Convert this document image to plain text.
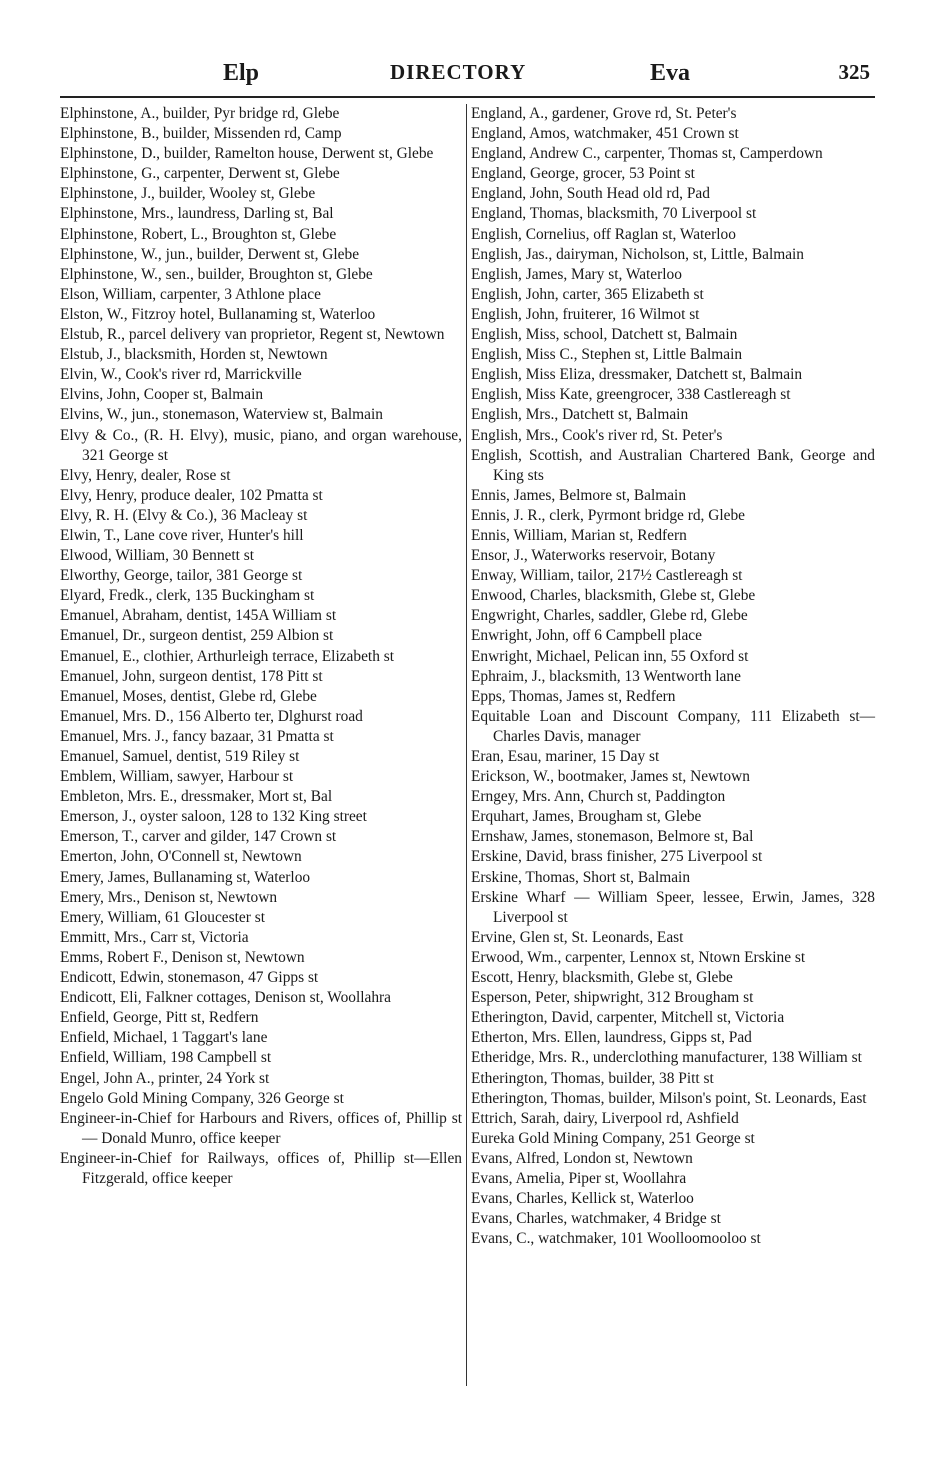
Elp	DIRECTORY	Eva	325
Elphinstone, A., builder, Pyr bridge rd, Glebe
Elphinstone, B., builder, Missenden rd, Camp
Elphinstone, D., builder, Ramelton house, Derwent st, Glebe
Elphinstone, G., carpenter, Derwent st, Glebe
Elphinstone, J., builder, Wooley st, Glebe
Elphinstone, Mrs., laundress, Darling st, Bal
Elphinstone, Robert, L., Broughton st, Glebe
Elphinstone, W., jun., builder, Derwent st, Glebe
Elphinstone, W., sen., builder, Broughton st, Glebe
Elson, William, carpenter, 3 Athlone place
Elston, W., Fitzroy hotel, Bullanaming st, Waterloo
Elstub, R., parcel delivery van proprietor, Regent st, Newtown
Elstub, J., blacksmith, Horden st, Newtown
Elvin, W., Cook's river rd, Marrickville
Elvins, John, Cooper st, Balmain
Elvins, W., jun., stonemason, Waterview st, Balmain
Elvy & Co., (R. H. Elvy), music, piano, and organ warehouse, 321 George st
Elvy, Henry, dealer, Rose st
Elvy, Henry, produce dealer, 102 Pmatta st
Elvy, R. H. (Elvy & Co.), 36 Macleay st
Elwin, T., Lane cove river, Hunter's hill
Elwood, William, 30 Bennett st
Elworthy, George, tailor, 381 George st
Elyard, Fredk., clerk, 135 Buckingham st
Emanuel, Abraham, dentist, 145A William st
Emanuel, Dr., surgeon dentist, 259 Albion st
Emanuel, E., clothier, Arthurleigh terrace, Elizabeth st
Emanuel, John, surgeon dentist, 178 Pitt st
Emanuel, Moses, dentist, Glebe rd, Glebe
Emanuel, Mrs. D., 156 Alberto ter, Dlghurst road
Emanuel, Mrs. J., fancy bazaar, 31 Pmatta st
Emanuel, Samuel, dentist, 519 Riley st
Emblem, William, sawyer, Harbour st
Embleton, Mrs. E., dressmaker, Mort st, Bal
Emerson, J., oyster saloon, 128 to 132 King street
Emerson, T., carver and gilder, 147 Crown st
Emerton, John, O'Connell st, Newtown
Emery, James, Bullanaming st, Waterloo
Emery, Mrs., Denison st, Newtown
Emery, William, 61 Gloucester st
Emmitt, Mrs., Carr st, Victoria
Emms, Robert F., Denison st, Newtown
Endicott, Edwin, stonemason, 47 Gipps st
Endicott, Eli, Falkner cottages, Denison st, Woollahra
Enfield, George, Pitt st, Redfern
Enfield, Michael, 1 Taggart's lane
Enfield, William, 198 Campbell st
Engel, John A., printer, 24 York st
Engelo Gold Mining Company, 326 George st
Engineer-in-Chief for Harbours and Rivers, offices of, Phillip st — Donald Munro, office keeper
Engineer-in-Chief for Railways, offices of, Phillip st—Ellen Fitzgerald, office keeper
England, A., gardener, Grove rd, St. Peter's
England, Amos, watchmaker, 451 Crown st
England, Andrew C., carpenter, Thomas st, Camperdown
England, George, grocer, 53 Point st
England, John, South Head old rd, Pad
England, Thomas, blacksmith, 70 Liverpool st
English, Cornelius, off Raglan st, Waterloo
English, Jas., dairyman, Nicholson, st, Little, Balmain
English, James, Mary st, Waterloo
English, John, carter, 365 Elizabeth st
English, John, fruiterer, 16 Wilmot st
English, Miss, school, Datchett st, Balmain
English, Miss C., Stephen st, Little Balmain
English, Miss Eliza, dressmaker, Datchett st, Balmain
English, Miss Kate, greengrocer, 338 Castlereagh st
English, Mrs., Datchett st, Balmain
English, Mrs., Cook's river rd, St. Peter's
English, Scottish, and Australian Chartered Bank, George and King sts
Ennis, James, Belmore st, Balmain
Ennis, J. R., clerk, Pyrmont bridge rd, Glebe
Ennis, William, Marian st, Redfern
Ensor, J., Waterworks reservoir, Botany
Enway, William, tailor, 217½ Castlereagh st
Enwood, Charles, blacksmith, Glebe st, Glebe
Engwright, Charles, saddler, Glebe rd, Glebe
Enwright, John, off 6 Campbell place
Enwright, Michael, Pelican inn, 55 Oxford st
Ephraim, J., blacksmith, 13 Wentworth lane
Epps, Thomas, James st, Redfern
Equitable Loan and Discount Company, 111 Elizabeth st—Charles Davis, manager
Eran, Esau, mariner, 15 Day st
Erickson, W., bootmaker, James st, Newtown
Erngey, Mrs. Ann, Church st, Paddington
Erquhart, James, Brougham st, Glebe
Ernshaw, James, stonemason, Belmore st, Bal
Erskine, David, brass finisher, 275 Liverpool st
Erskine, Thomas, Short st, Balmain
Erskine Wharf — William Speer, lessee, Erwin, James, 328 Liverpool st
Ervine, Glen st, St. Leonards, East
Erwood, Wm., carpenter, Lennox st, Ntown Erskine st
Escott, Henry, blacksmith, Glebe st, Glebe
Esperson, Peter, shipwright, 312 Brougham st
Etherington, David, carpenter, Mitchell st, Victoria
Etherton, Mrs. Ellen, laundress, Gipps st, Pad
Etheridge, Mrs. R., underclothing manufacturer, 138 William st
Etherington, Thomas, builder, 38 Pitt st
Etherington, Thomas, builder, Milson's point, St. Leonards, East
Ettrich, Sarah, dairy, Liverpool rd, Ashfield
Eureka Gold Mining Company, 251 George st
Evans, Alfred, London st, Newtown
Evans, Amelia, Piper st, Woollahra
Evans, Charles, Kellick st, Waterloo
Evans, Charles, watchmaker, 4 Bridge st
Evans, C., watchmaker, 101 Woolloomooloo st
